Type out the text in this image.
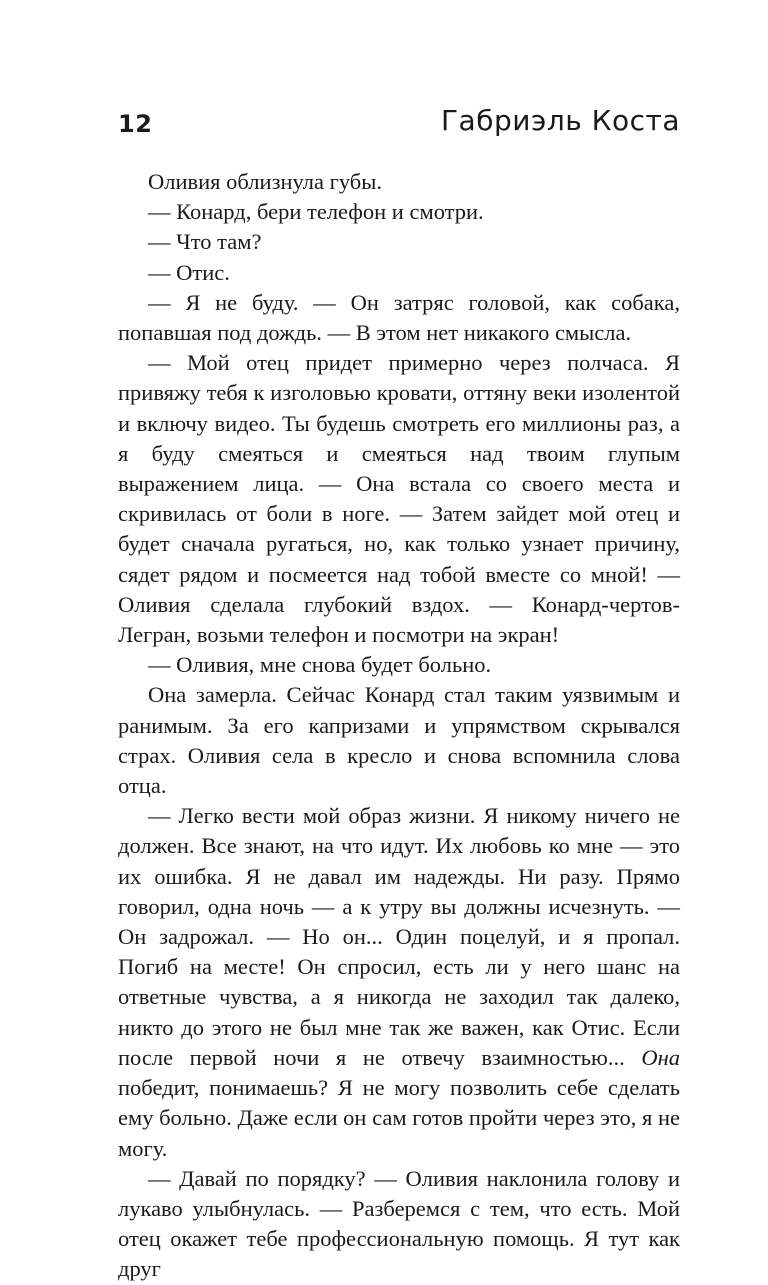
12	Габриэль Коста

Оливия облизнула губы.

— Конард, бери телефон и смотри.

— Что там?

— Отис.

— Я не буду. — Он затряс головой, как собака, попавшая под дождь. — В этом нет никакого смысла.

— Мой отец придет примерно через полчаса. Я привяжу тебя к изголовью кровати, оттяну веки изолентой и включу видео. Ты будешь смотреть его миллионы раз, а я буду смеяться и смеяться над твоим глупым выражением лица. — Она встала со своего места и скривилась от боли в ноге. — Затем зайдет мой отец и будет сначала ругаться, но, как только узнает причину, сядет рядом и посмеется над тобой вместе со мной! — Оливия сделала глубокий вздох. — Конард-чертов-Легран, возьми телефон и посмотри на экран!

— Оливия, мне снова будет больно.

Она замерла. Сейчас Конард стал таким уязвимым и ранимым. За его капризами и упрямством скрывался страх. Оливия села в кресло и снова вспомнила слова отца.

— Легко вести мой образ жизни. Я никому ничего не должен. Все знают, на что идут. Их любовь ко мне — это их ошибка. Я не давал им надежды. Ни разу. Прямо говорил, одна ночь — а к утру вы должны исчезнуть. — Он задрожал. — Но он... Один поцелуй, и я пропал. Погиб на месте! Он спросил, есть ли у него шанс на ответные чувства, а я никогда не заходил так далеко, никто до этого не был мне так же важен, как Отис. Если после первой ночи я не отвечу взаимностью... Она победит, понимаешь? Я не могу позволить себе сделать ему больно. Даже если он сам готов пройти через это, я не могу.

— Давай по порядку? — Оливия наклонила голову и лукаво улыбнулась. — Разберемся с тем, что есть. Мой отец окажет тебе профессиональную помощь. Я тут как друг
